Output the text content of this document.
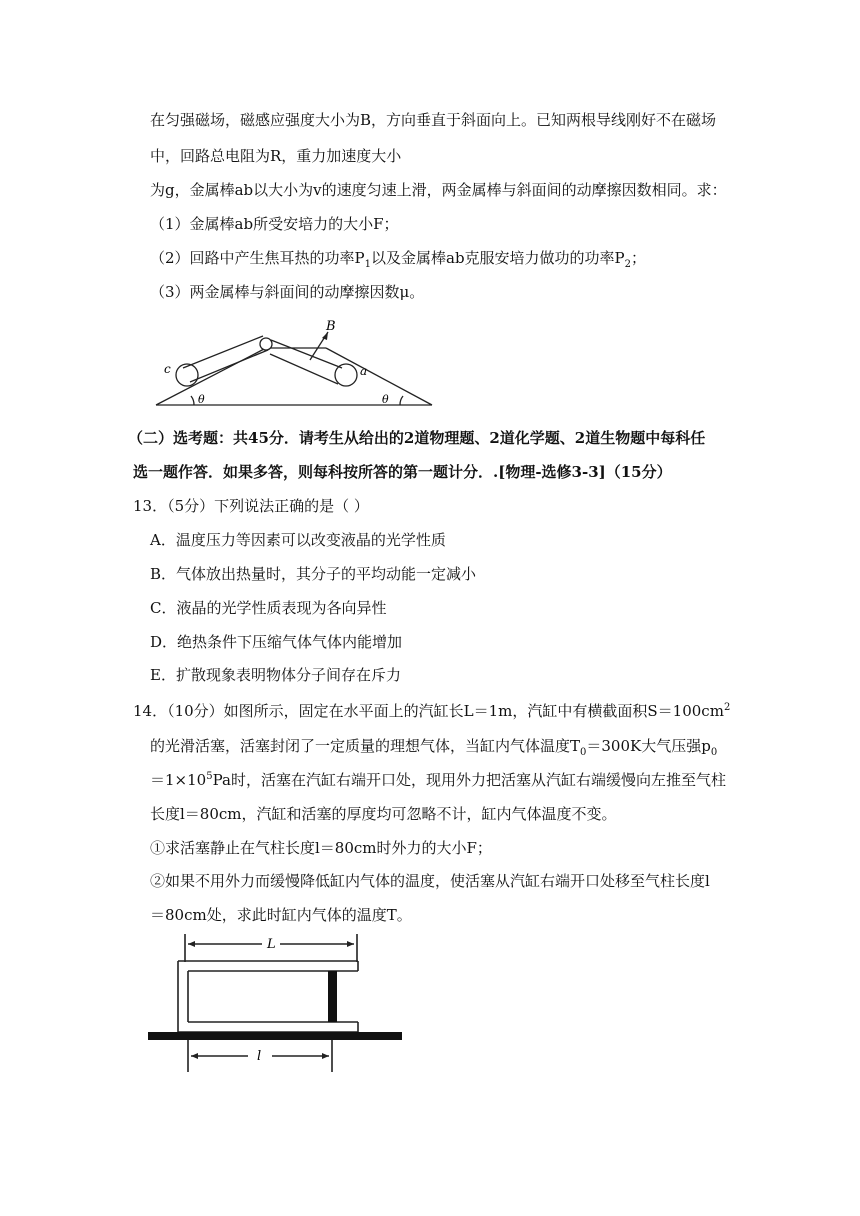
在匀强磁场，磁感应强度大小为B，方向垂直于斜面向上。已知两根导线刚好不在磁场
中，回路总电阻为R，重力加速度大小
为g，金属棒ab以大小为v的速度匀速上滑，两金属棒与斜面间的动摩擦因数相同。求：
（1）金属棒ab所受安培力的大小F；
（2）回路中产生焦耳热的功率$P_1$以及金属棒ab克服安培力做功的功率$P_2$；
（3）两金属棒与斜面间的动摩擦因数μ。
B
c	a
θ	θ
（二）选考题：共45分．请考生从给出的2道物理题、2道化学题、2道生物题中每科任
选一题作答．如果多答，则每科按所答的第一题计分．.[物理-选修3-3]（15分）
13．（5分）下列说法正确的是（ ）
A．温度压力等因素可以改变液晶的光学性质
B．气体放出热量时，其分子的平均动能一定减小
C．液晶的光学性质表现为各向异性
D．绝热条件下压缩气体气体内能增加
E．扩散现象表明物体分子间存在斥力
14．（10分）如图所示，固定在水平面上的汽缸长L＝1m，汽缸中有横截面积$S=100cm^2$
的光滑活塞，活塞封闭了一定质量的理想气体，当缸内气体温度$T_0=300K$大气压强$p_0$
$=1\times 10^5Pa$时，活塞在汽缸右端开口处，现用外力把活塞从汽缸右端缓慢向左推至气柱
长度l＝80cm，汽缸和活塞的厚度均可忽略不计，缸内气体温度不变。
①求活塞静止在气柱长度l＝80cm时外力的大小F；
②如果不用外力而缓慢降低缸内气体的温度，使活塞从汽缸右端开口处移至气柱长度l
＝80cm处，求此时缸内气体的温度T。
L
l
